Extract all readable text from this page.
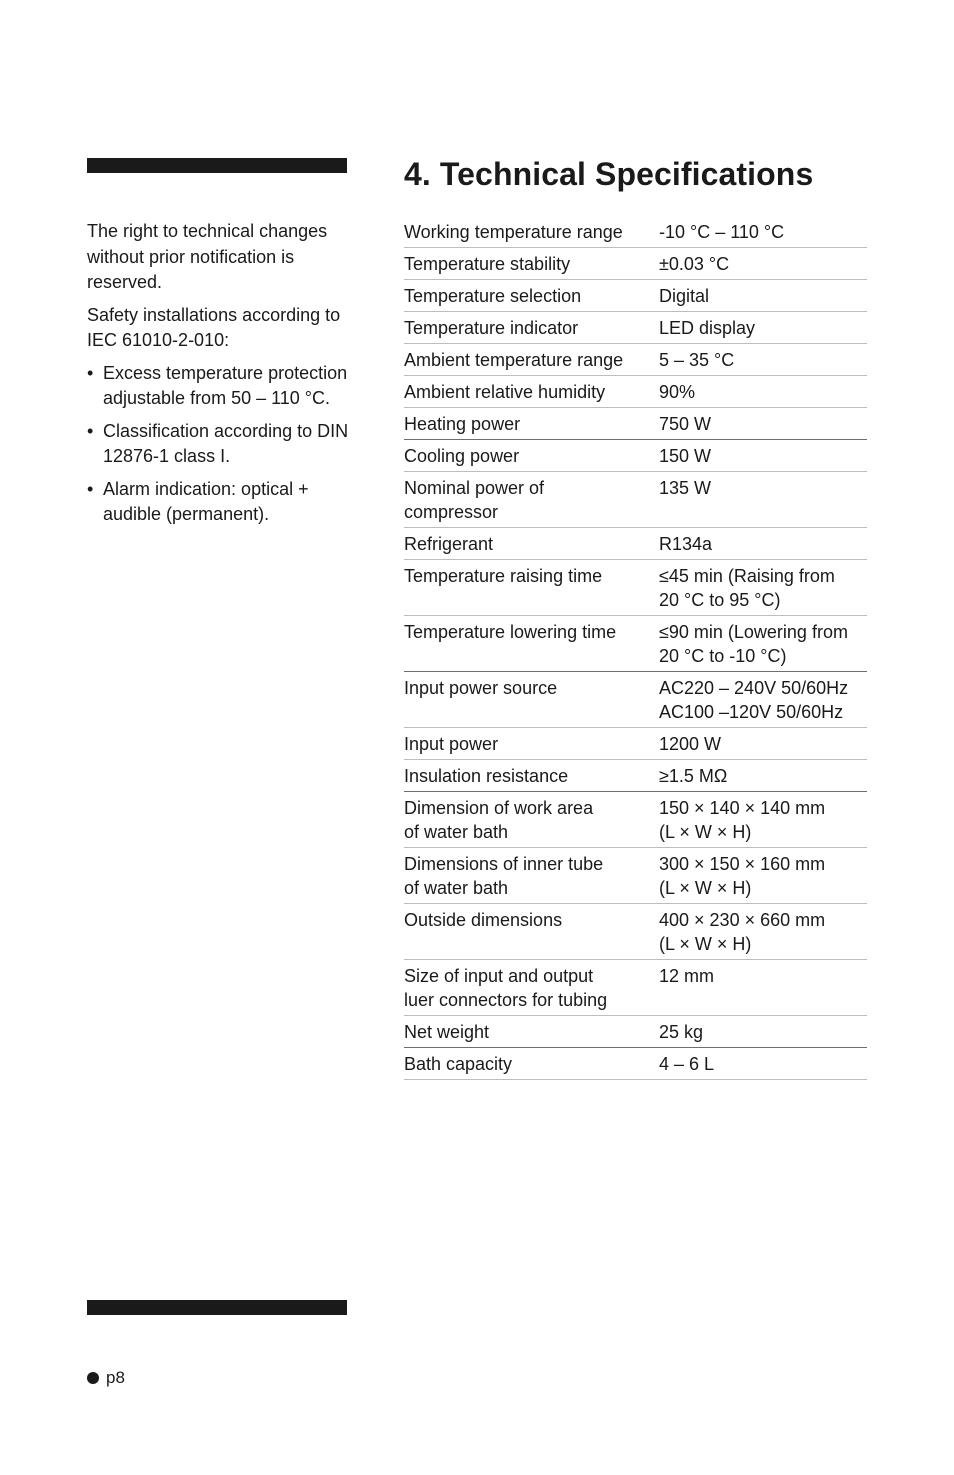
The right to technical changes without prior notification is reserved.

Safety installations according to IEC 61010-2-010:

• Excess temperature protection adjustable from 50 – 110 °C.
• Classification according to DIN 12876-1 class I.
• Alarm indication: optical + audible (permanent).
4. Technical Specifications
Working temperature range	-10 °C – 110 °C

Temperature stability	±0.03 °C

Temperature selection	Digital

Temperature indicator	LED display

Ambient temperature range	5 – 35 °C

Ambient relative humidity	90%

Heating power	750 W

Cooling power	150 W

Nominal power of
compressor	135 W

Refrigerant	R134a

Temperature raising time	≤45 min (Raising from
20 °C to 95 °C)

Temperature lowering time	≤90 min (Lowering from
20 °C to -10 °C)

Input power source	AC220 – 240V 50/60Hz
AC100 –120V 50/60Hz

Input power	1200 W

Insulation resistance	≥1.5 MΩ

Dimension of work area
of water bath	150 × 140 × 140 mm
(L × W × H)

Dimensions of inner tube
of water bath	300 × 150 × 160 mm
(L × W × H)

Outside dimensions	400 × 230 × 660 mm
(L × W × H)

Size of input and output
luer connectors for tubing	12 mm

Net weight	25 kg

Bath capacity	4 – 6 L
p8
